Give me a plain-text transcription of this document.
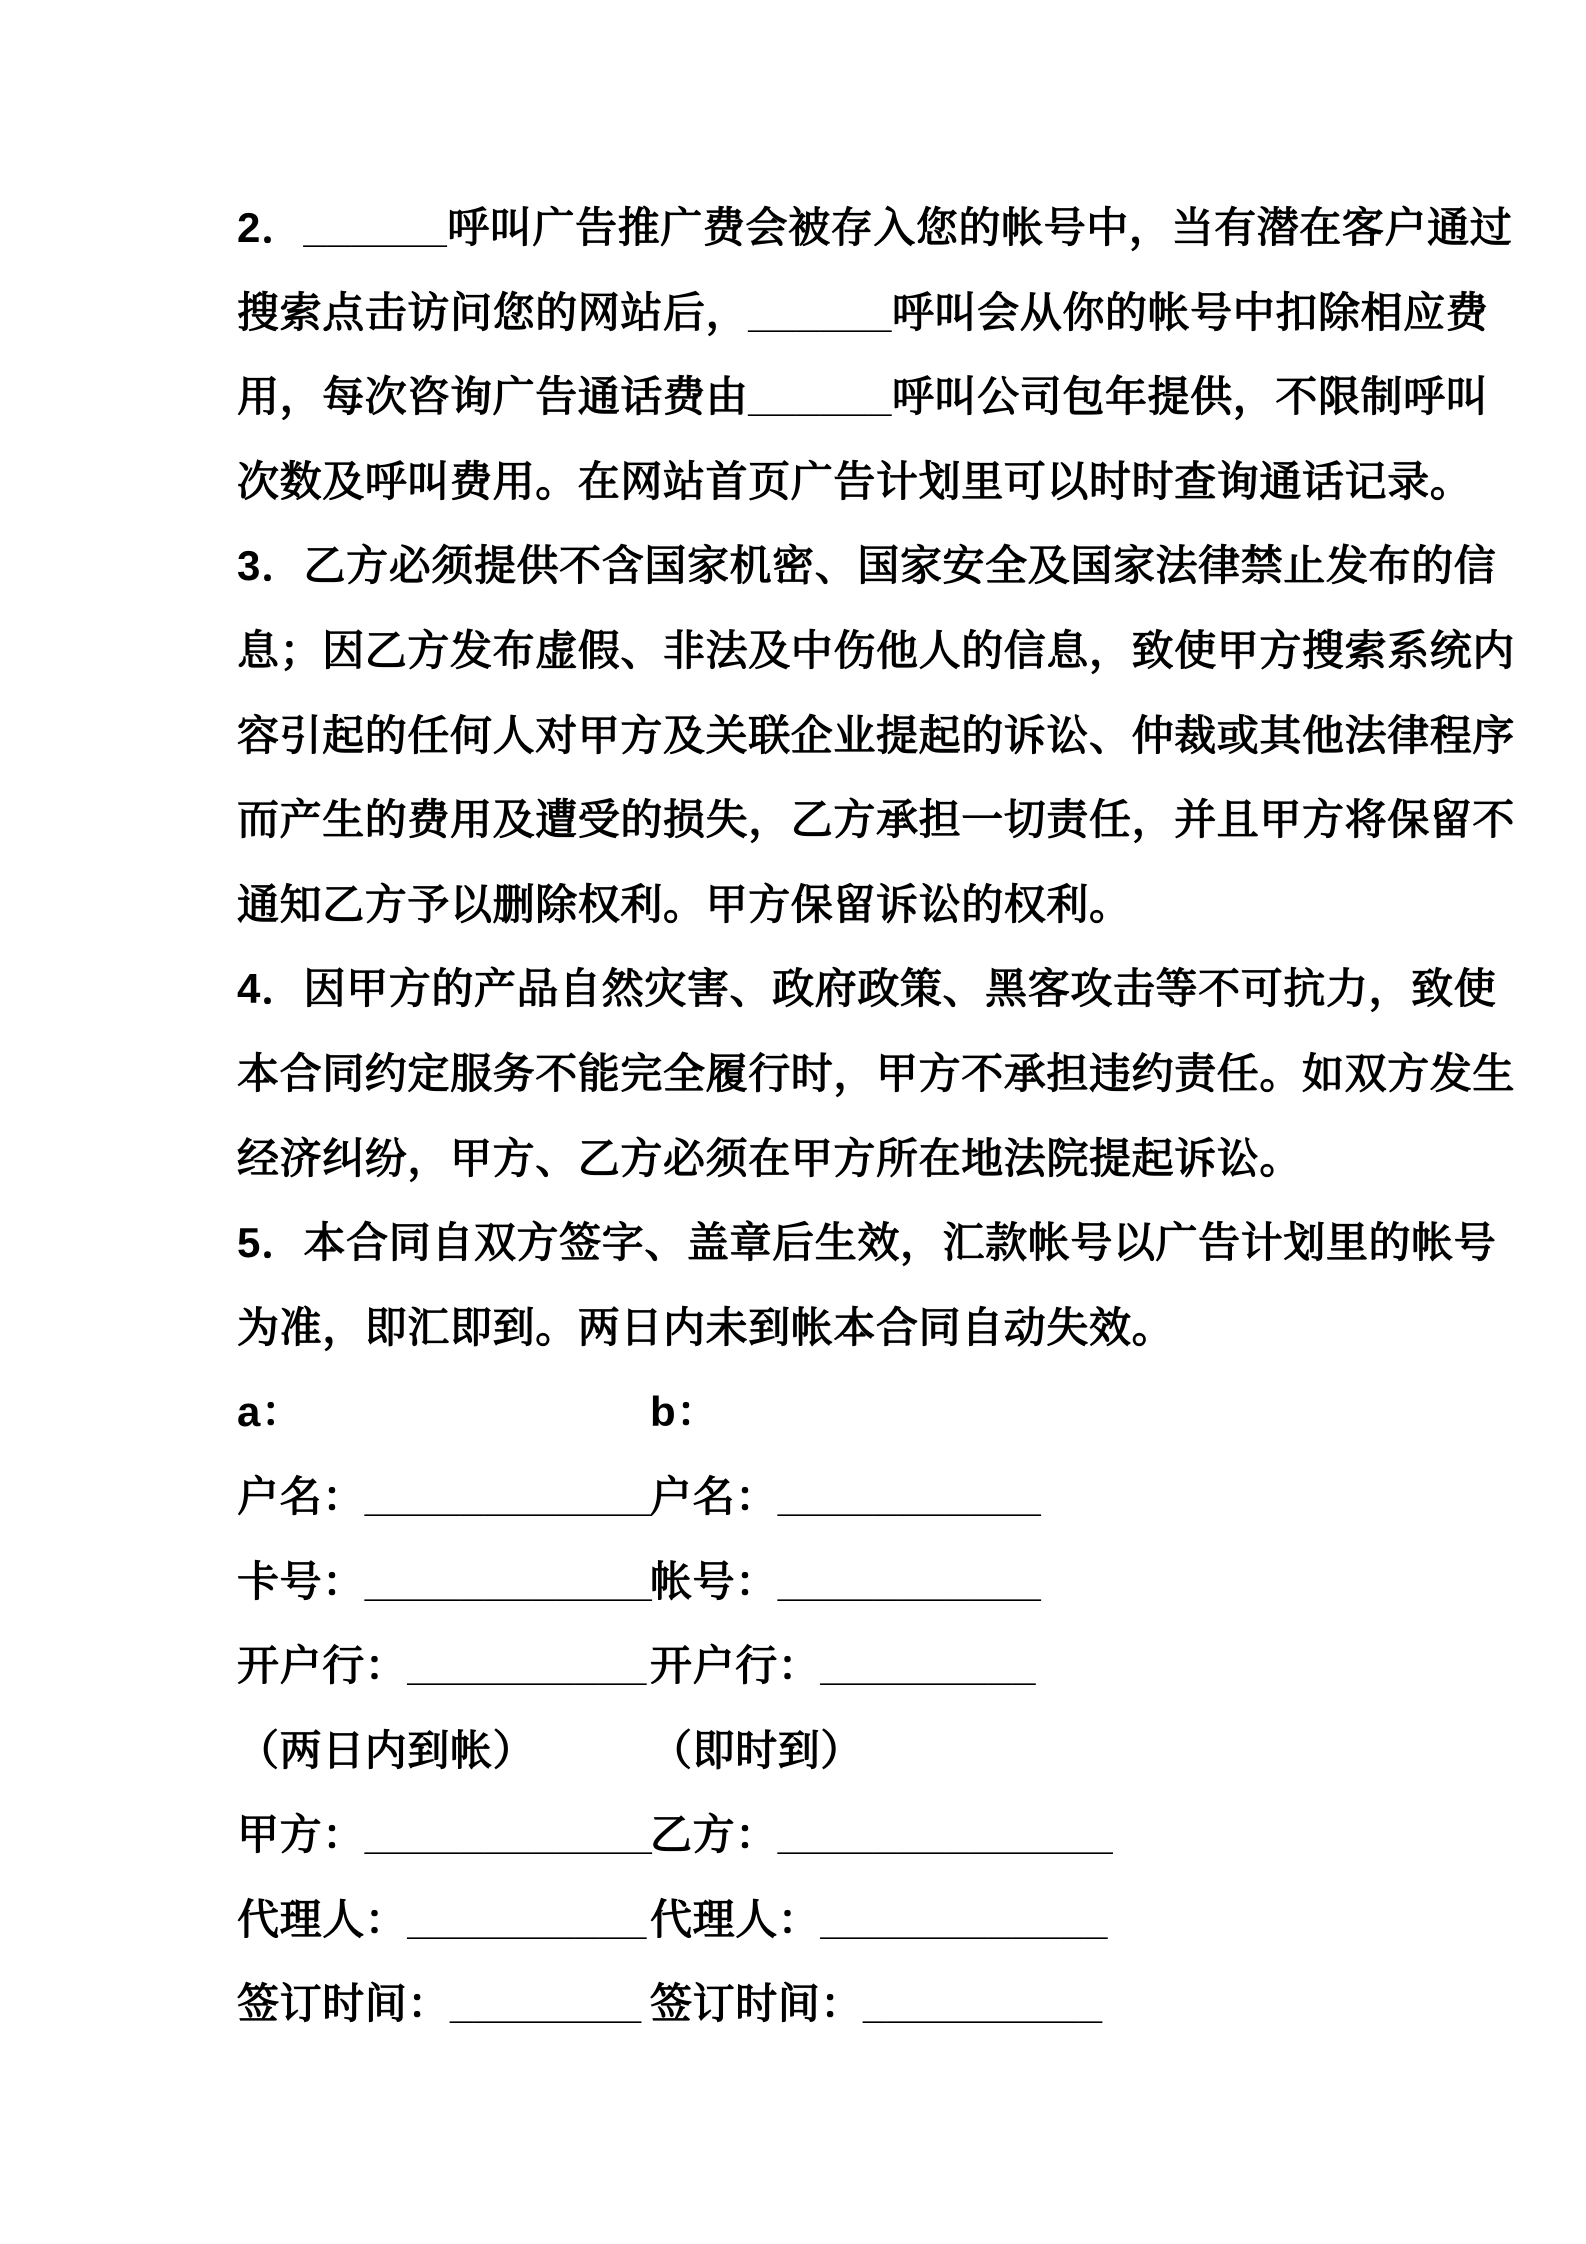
2．______呼叫广告推广费会被存入您的帐号中，当有潜在客户通过
搜索点击访问您的网站后，______呼叫会从你的帐号中扣除相应费
用，每次咨询广告通话费由______呼叫公司包年提供，不限制呼叫
次数及呼叫费用。在网站首页广告计划里可以时时查询通话记录。
3．乙方必须提供不含国家机密、国家安全及国家法律禁止发布的信
息；因乙方发布虚假、非法及中伤他人的信息，致使甲方搜索系统内
容引起的任何人对甲方及关联企业提起的诉讼、仲裁或其他法律程序
而产生的费用及遭受的损失，乙方承担一切责任，并且甲方将保留不
通知乙方予以删除权利。甲方保留诉讼的权利。
4．因甲方的产品自然灾害、政府政策、黑客攻击等不可抗力，致使
本合同约定服务不能完全履行时，甲方不承担违约责任。如双方发生
经济纠纷，甲方、乙方必须在甲方所在地法院提起诉讼。
5．本合同自双方签字、盖章后生效，汇款帐号以广告计划里的帐号
为准，即汇即到。两日内未到帐本合同自动失效。
a：	b：
户名：____________
户名：___________
卡号：____________
帐号：___________
开户行：__________ 开户行：_________
（两日内到帐）	（即时到）
甲方：____________
乙方：______________
代理人：__________ 代理人：____________
签订时间：________ 签订时间：__________
